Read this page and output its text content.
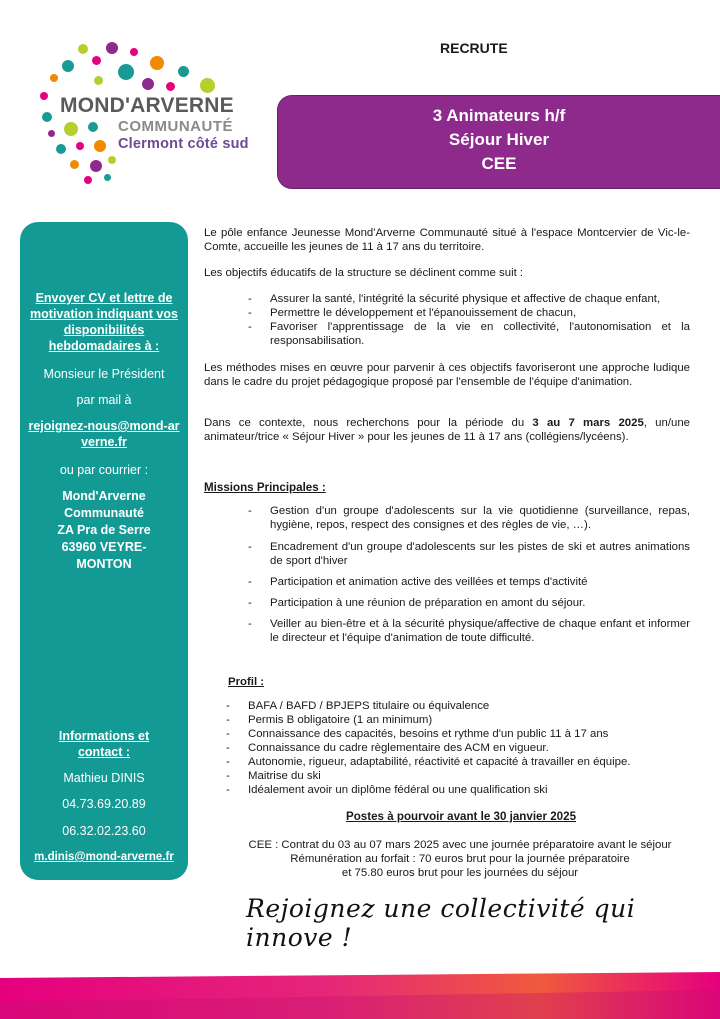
MOND'ARVERNE
COMMUNAUTÉ
Clermont côté sud
RECRUTE
3 Animateurs h/f
Séjour Hiver
CEE
Envoyer CV et lettre de motivation indiquant vos disponibilités hebdomadaires à :
Monsieur le Président
par mail à
rejoignez-nous@mond-arverne.fr
ou par courrier :
Mond'Arverne
Communauté
ZA Pra de Serre
63960 VEYRE-
MONTON
Informations et contact :
Mathieu DINIS
04.73.69.20.89
06.32.02.23.60
m.dinis@mond-arverne.fr
Le pôle enfance Jeunesse Mond'Arverne Communauté situé à l'espace Montcervier de Vic-le-Comte, accueille les jeunes de 11 à 17 ans du territoire.
Les objectifs éducatifs de la structure se déclinent comme suit :
- Assurer la santé, l'intégrité la sécurité physique et affective de chaque enfant,
- Permettre le développement et l'épanouissement de chacun,
- Favoriser l'apprentissage de la vie en collectivité, l'autonomisation et la responsabilisation.
Les méthodes mises en œuvre pour parvenir à ces objectifs favoriseront une approche ludique dans le cadre du projet pédagogique proposé par l'ensemble de l'équipe d'animation.
Dans ce contexte, nous recherchons pour la période du 3 au 7 mars 2025, un/une animateur/trice « Séjour Hiver » pour les jeunes de 11 à 17 ans (collégiens/lycéens).
Missions Principales :
- Gestion d'un groupe d'adolescents sur la vie quotidienne (surveillance, repas, hygiène, repos, respect des consignes et des règles de vie, …).
- Encadrement d'un groupe d'adolescents sur les pistes de ski et autres animations de sport d'hiver
- Participation et animation active des veillées et temps d'activité
- Participation à une réunion de préparation en amont du séjour.
- Veiller au bien-être et à la sécurité physique/affective de chaque enfant et informer le directeur et l'équipe d'animation de toute difficulté.
Profil :
- BAFA / BAFD / BPJEPS titulaire ou équivalence
- Permis B obligatoire (1 an minimum)
- Connaissance des capacités, besoins et rythme d'un public 11 à 17 ans
- Connaissance du cadre règlementaire des ACM en vigueur.
- Autonomie, rigueur, adaptabilité, réactivité et capacité à travailler en équipe.
- Maitrise du ski
- Idéalement avoir un diplôme fédéral ou une qualification ski
Postes à pourvoir avant le 30 janvier 2025
CEE : Contrat du 03 au 07 mars 2025 avec une journée préparatoire avant le séjour
Rémunération au forfait : 70 euros brut pour la journée préparatoire
et 75.80 euros brut pour les journées du séjour
Rejoignez une collectivité qui innove !
